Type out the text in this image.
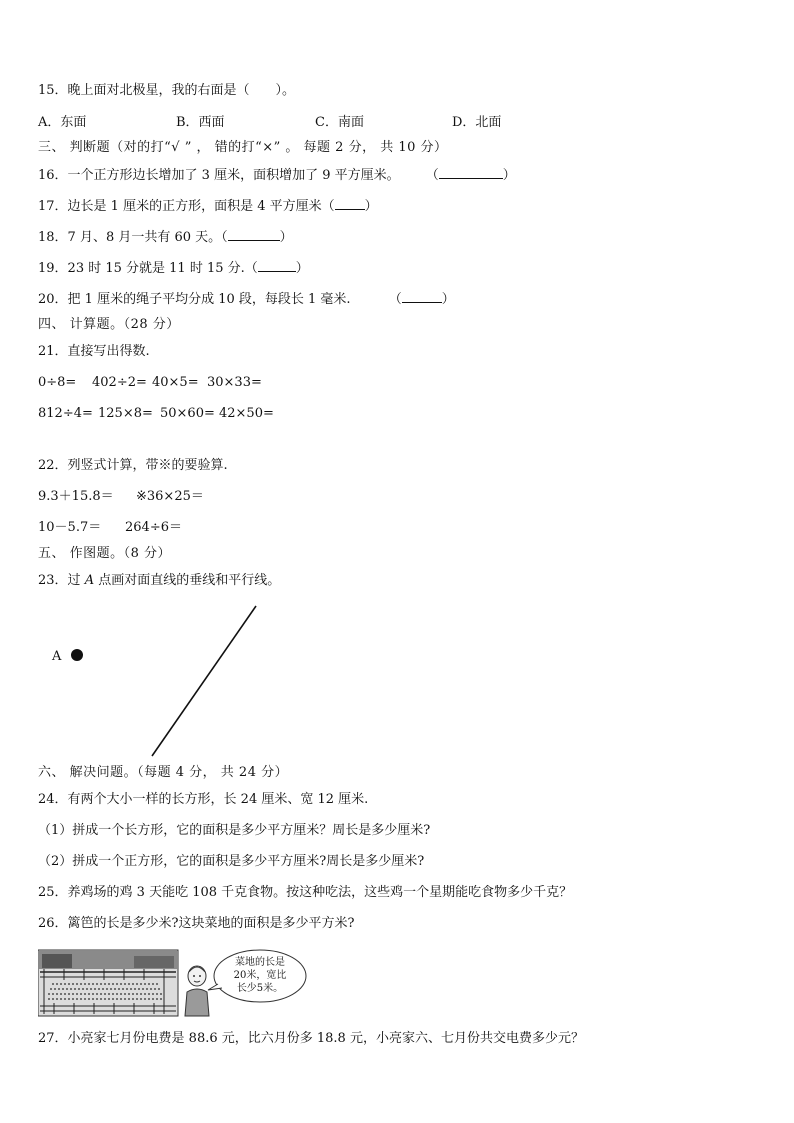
15．晚上面对北极星，我的右面是（　　）。
A．东面	B．西面	C．南面	D．北面
三、 判断题（对的打“√ ” ， 错的打“×” 。 每题 2 分， 共 10 分）
16．一个正方形边长增加了 3 厘米，面积增加了 9 平方厘米。 （	）
17．边长是 1 厘米的正方形，面积是 4 平方厘米（ ）
18．7 月、8 月一共有 60 天。（	）
19．23 时 15 分就是 11 时 15 分.（	）
20．把 1 厘米的绳子平均分成 10 段，每段长 1 毫米.	（	）
四、 计算题。（28 分）
21．直接写出得数.
0÷8= 402÷2= 40×5= 30×33=
812÷4= 125×8= 50×60= 42×50=
22．列竖式计算，带※的要验算.
9.3＋15.8＝ ※36×25＝
10－5.7＝ 264÷6＝
五、 作图题。（8 分）
23．过 A 点画对面直线的垂线和平行线。
A
六、 解决问题。（每题 4 分， 共 24 分）
24．有两个大小一样的长方形，长 24 厘米、宽 12 厘米.
（1）拼成一个长方形，它的面积是多少平方厘米？周长是多少厘米?
（2）拼成一个正方形，它的面积是多少平方厘米?周长是多少厘米?
25．养鸡场的鸡 3 天能吃 108 千克食物。按这种吃法，这些鸡一个星期能吃食物多少千克？
26．篱笆的长是多少米?这块菜地的面积是多少平方米?
菜地的长是
20米，宽比
长少5米。
27．小亮家七月份电费是 88.6 元，比六月份多 18.8 元，小亮家六、七月份共交电费多少元？
